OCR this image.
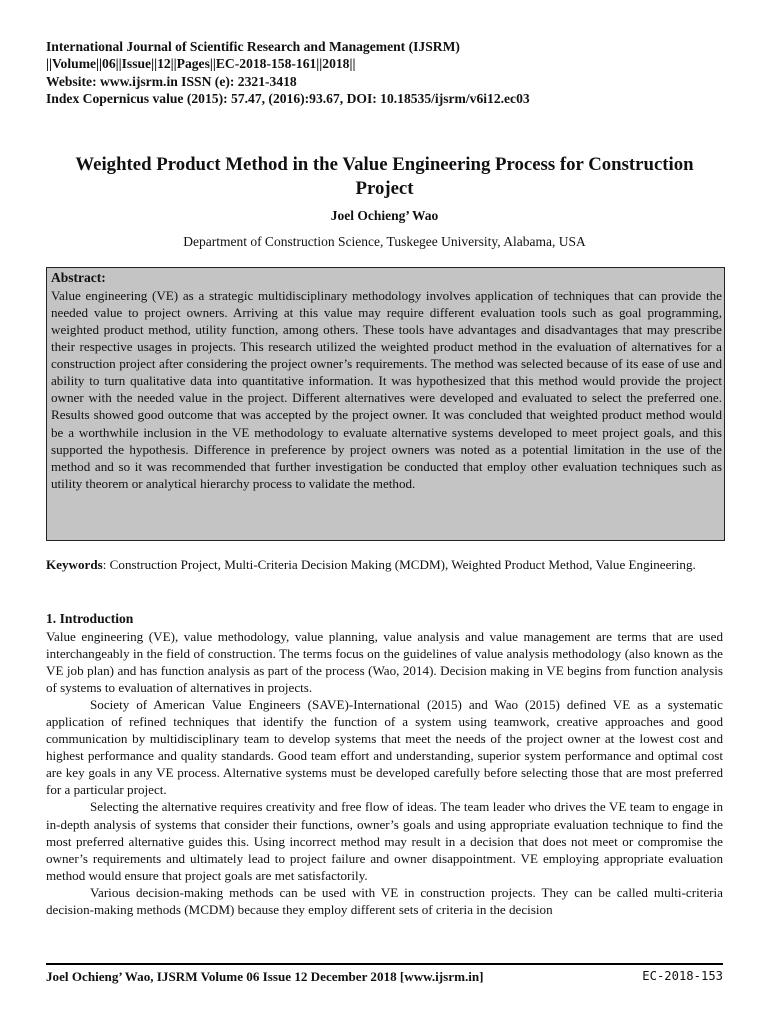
International Journal of Scientific Research and Management (IJSRM)
||Volume||06||Issue||12||Pages||EC-2018-158-161||2018||
Website: www.ijsrm.in ISSN (e): 2321-3418
Index Copernicus value (2015): 57.47, (2016):93.67, DOI: 10.18535/ijsrm/v6i12.ec03
Weighted Product Method in the Value Engineering Process for Construction Project
Joel Ochieng’ Wao
Department of Construction Science, Tuskegee University, Alabama, USA
Abstract:
Value engineering (VE) as a strategic multidisciplinary methodology involves application of techniques that can provide the needed value to project owners. Arriving at this value may require different evaluation tools such as goal programming, weighted product method, utility function, among others. These tools have advantages and disadvantages that may prescribe their respective usages in projects. This research utilized the weighted product method in the evaluation of alternatives for a construction project after considering the project owner’s requirements. The method was selected because of its ease of use and ability to turn qualitative data into quantitative information. It was hypothesized that this method would provide the project owner with the needed value in the project. Different alternatives were developed and evaluated to select the preferred one. Results showed good outcome that was accepted by the project owner. It was concluded that weighted product method would be a worthwhile inclusion in the VE methodology to evaluate alternative systems developed to meet project goals, and this supported the hypothesis. Difference in preference by project owners was noted as a potential limitation in the use of the method and so it was recommended that further investigation be conducted that employ other evaluation techniques such as utility theorem or analytical hierarchy process to validate the method.
Keywords: Construction Project, Multi-Criteria Decision Making (MCDM), Weighted Product Method, Value Engineering.
1. Introduction

Value engineering (VE), value methodology, value planning, value analysis and value management are terms that are used interchangeably in the field of construction. The terms focus on the guidelines of value analysis methodology (also known as the VE job plan) and has function analysis as part of the process (Wao, 2014). Decision making in VE begins from function analysis of systems to evaluation of alternatives in projects.

Society of American Value Engineers (SAVE)-International (2015) and Wao (2015) defined VE as a systematic application of refined techniques that identify the function of a system using teamwork, creative approaches and good communication by multidisciplinary team to develop systems that meet the needs of the project owner at the lowest cost and highest performance and quality standards. Good team effort and understanding, superior system performance and optimal cost are key goals in any VE process. Alternative systems must be developed carefully before selecting those that are most preferred for a particular project.

Selecting the alternative requires creativity and free flow of ideas. The team leader who drives the VE team to engage in in-depth analysis of systems that consider their functions, owner’s goals and using appropriate evaluation technique to find the most preferred alternative guides this. Using incorrect method may result in a decision that does not meet or compromise the owner’s requirements and ultimately lead to project failure and owner disappointment. VE employing appropriate evaluation method would ensure that project goals are met satisfactorily.

Various decision-making methods can be used with VE in construction projects. They can be called multi-criteria decision-making methods (MCDM) because they employ different sets of criteria in the decision

Joel Ochieng’ Wao, IJSRM Volume 06 Issue 12 December 2018 [www.ijsrm.in]	EC-2018-153
